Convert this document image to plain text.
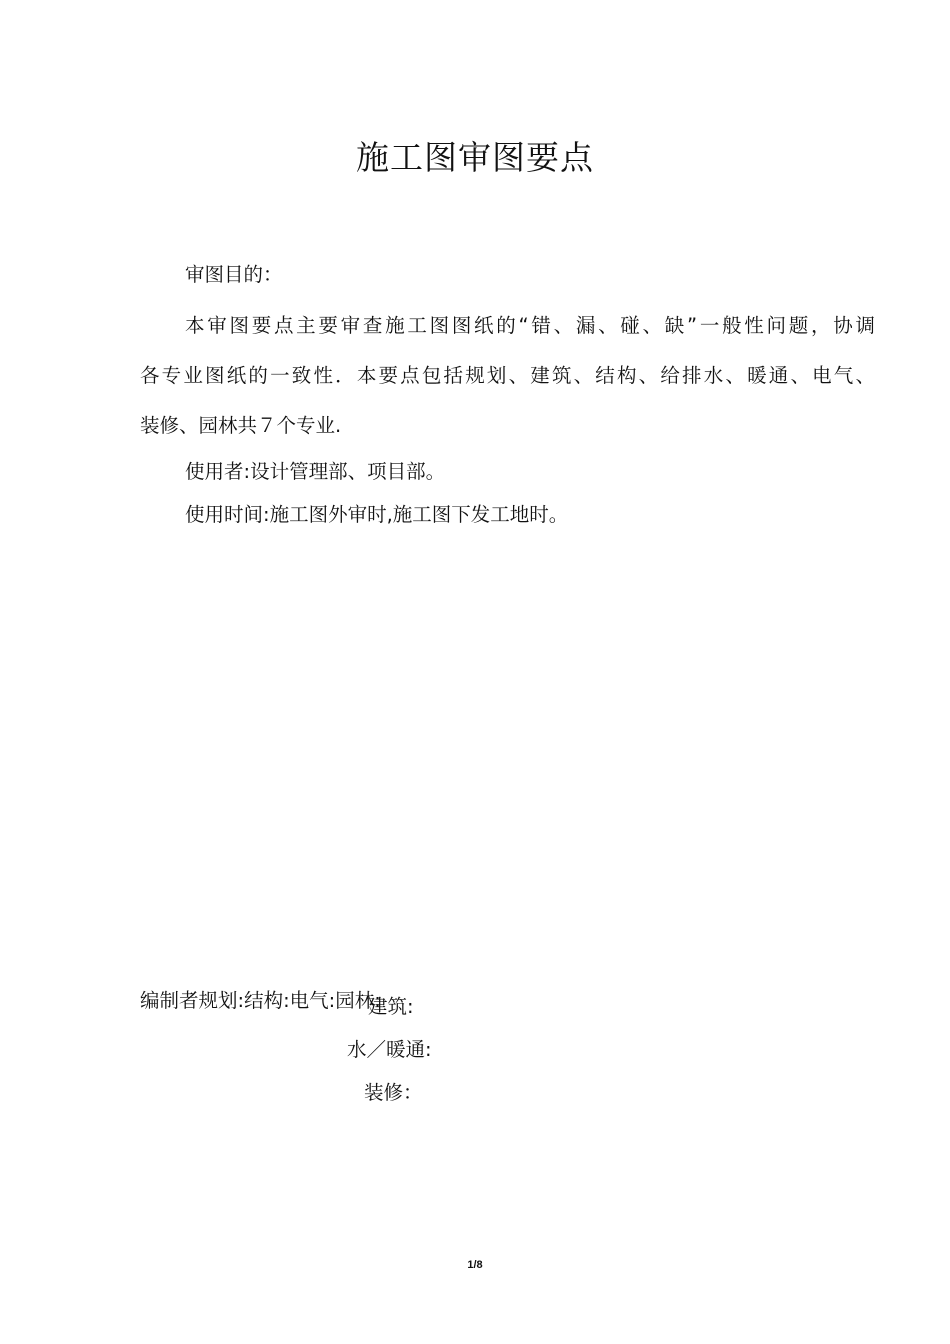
施工图审图要点
审图目的：
本审图要点主要审查施工图图纸的“错、漏、碰、缺”一般性问题，协调
各专业图纸的一致性．本要点包括规划、建筑、结构、给排水、暖通、电气、
装修、园林共７个专业.
使用者:设计管理部、项目部。
使用时间:施工图外审时,施工图下发工地时。
编制者规划:结构:电气:园林:
建筑:
水／暖通:
装修：
1/8
